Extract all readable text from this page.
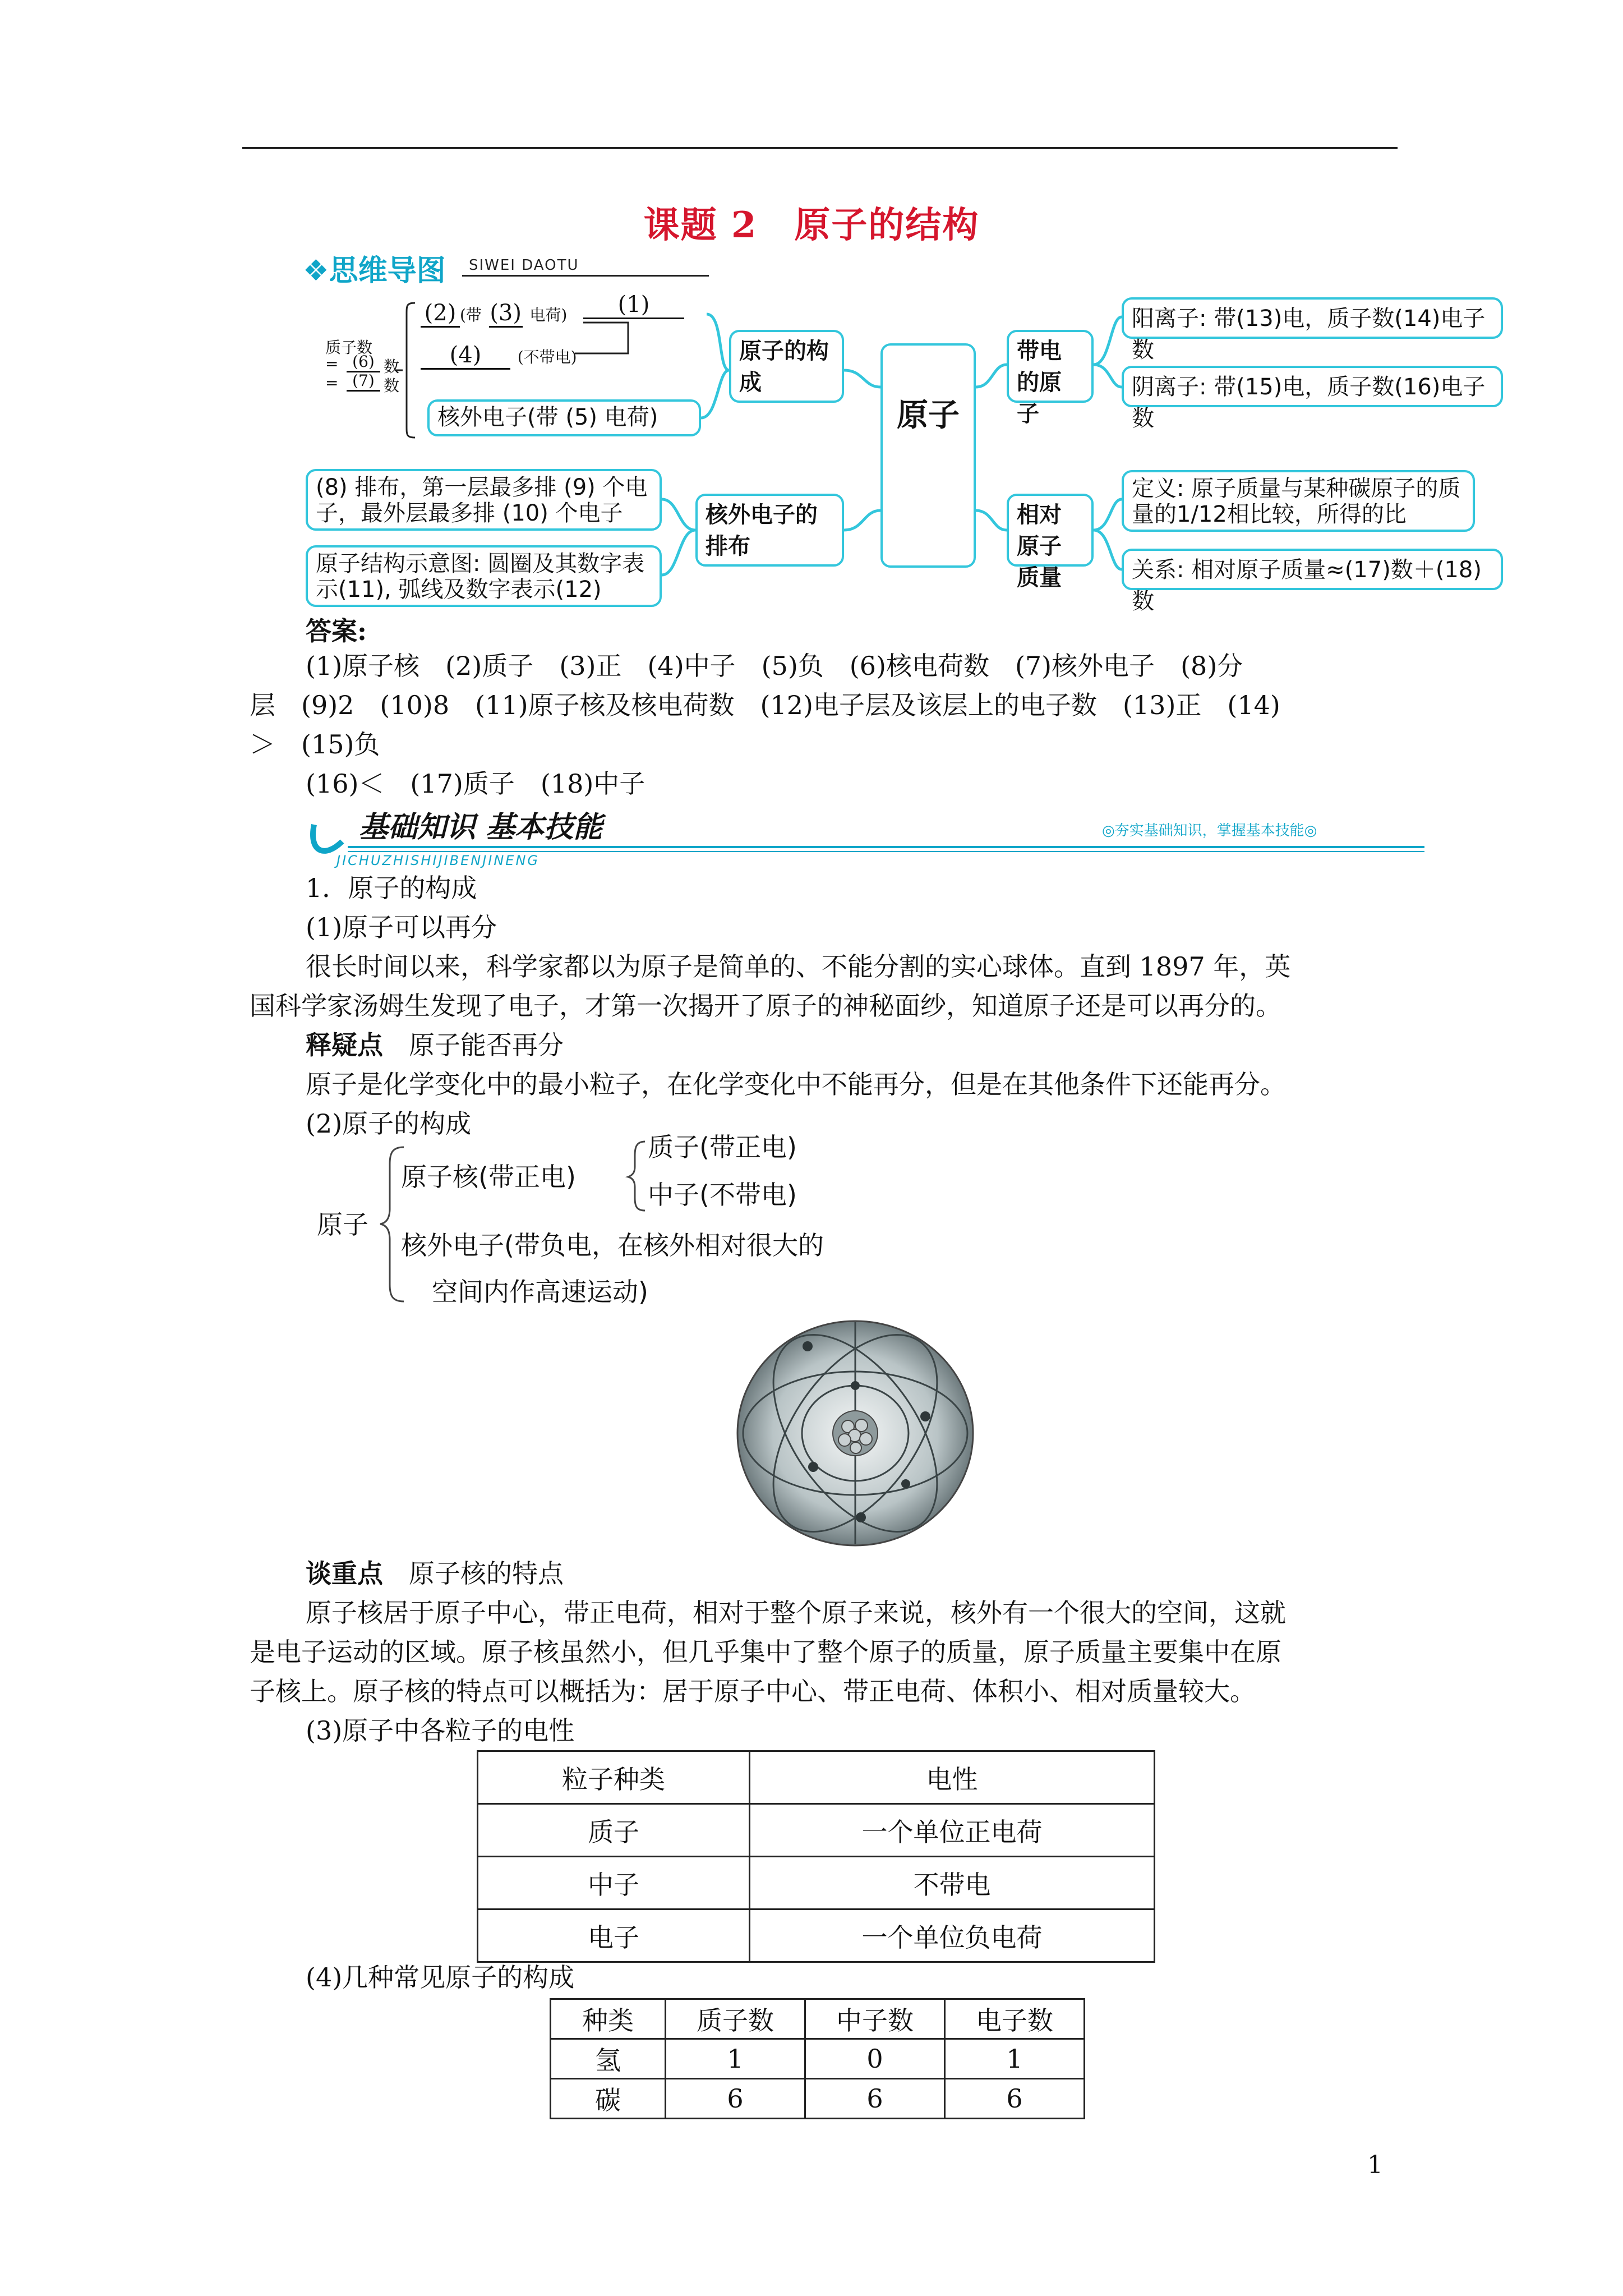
课题 2　原子的结构
❖思维导图 SIWEI DAOTU
质子数
= (6) 数
= (7) 数
(2) (带 (3) 电荷)
(4) (不带电)
(1)
核外电子(带 (5) 电荷)
原子的构成
原子
带电的原子
阳离子: 带(13)电，质子数(14)电子数
阴离子: 带(15)电，质子数(16)电子数
(8) 排布，第一层最多排 (9) 个电子，最外层最多排 (10) 个电子
原子结构示意图: 圆圈及其数字表示(11), 弧线及数字表示(12)
核外电子的排布
相对原子质量
定义: 原子质量与某种碳原子的质量的1/12相比较，所得的比
关系: 相对原子质量≈(17)数＋(18)数
答案:
(1)原子核　(2)质子　(3)正　(4)中子　(5)负　(6)核电荷数　(7)核外电子　(8)分
层　(9)2　(10)8　(11)原子核及核电荷数　(12)电子层及该层上的电子数　(13)正　(14)
＞　(15)负
(16)＜　(17)质子　(18)中子
基础知识 基本技能
JICHUZHISHIJIBENJINENG
◎夯实基础知识，掌握基本技能◎
1．原子的构成
(1)原子可以再分
很长时间以来，科学家都以为原子是简单的、不能分割的实心球体。直到 1897 年，英
国科学家汤姆生发现了电子，才第一次揭开了原子的神秘面纱，知道原子还是可以再分的。
释疑点　 原子能否再分
原子是化学变化中的最小粒子，在化学变化中不能再分，但是在其他条件下还能再分。
(2)原子的构成
原子
原子核(带正电)
质子(带正电)
中子(不带电)
核外电子(带负电，在核外相对很大的
空间内作高速运动)
谈重点　 原子核的特点
原子核居于原子中心，带正电荷，相对于整个原子来说，核外有一个很大的空间，这就
是电子运动的区域。原子核虽然小，但几乎集中了整个原子的质量，原子质量主要集中在原
子核上。原子核的特点可以概括为：居于原子中心、带正电荷、体积小、相对质量较大。
(3)原子中各粒子的电性
粒子种类	电性
质子	一个单位正电荷
中子	不带电
电子	一个单位负电荷
(4)几种常见原子的构成
种类	质子数	中子数	电子数
氢	1	0	1
碳	6	6	6
1
